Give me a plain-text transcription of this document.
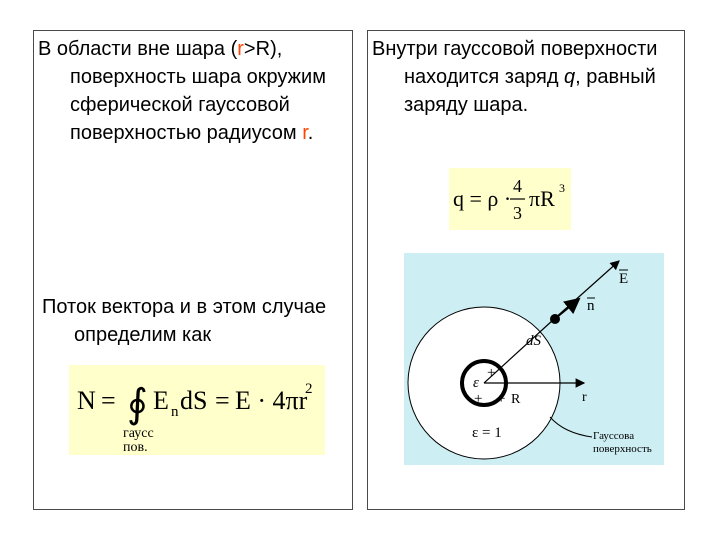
В области вне шара (r>R), поверхность шара окружим сферической гауссовой поверхностью радиусом r.
Поток вектора и в этом случае определим как
N = ∮ E n dS = E · 4πr
2
гаусс
пов.
Внутри гауссовой поверхности находится заряд q, равный заряду шара.
q = ρ · 4
3
πR 3
E
n
dS
ε
+
+ + R	r
ε = 1	Гауссова
поверхность
